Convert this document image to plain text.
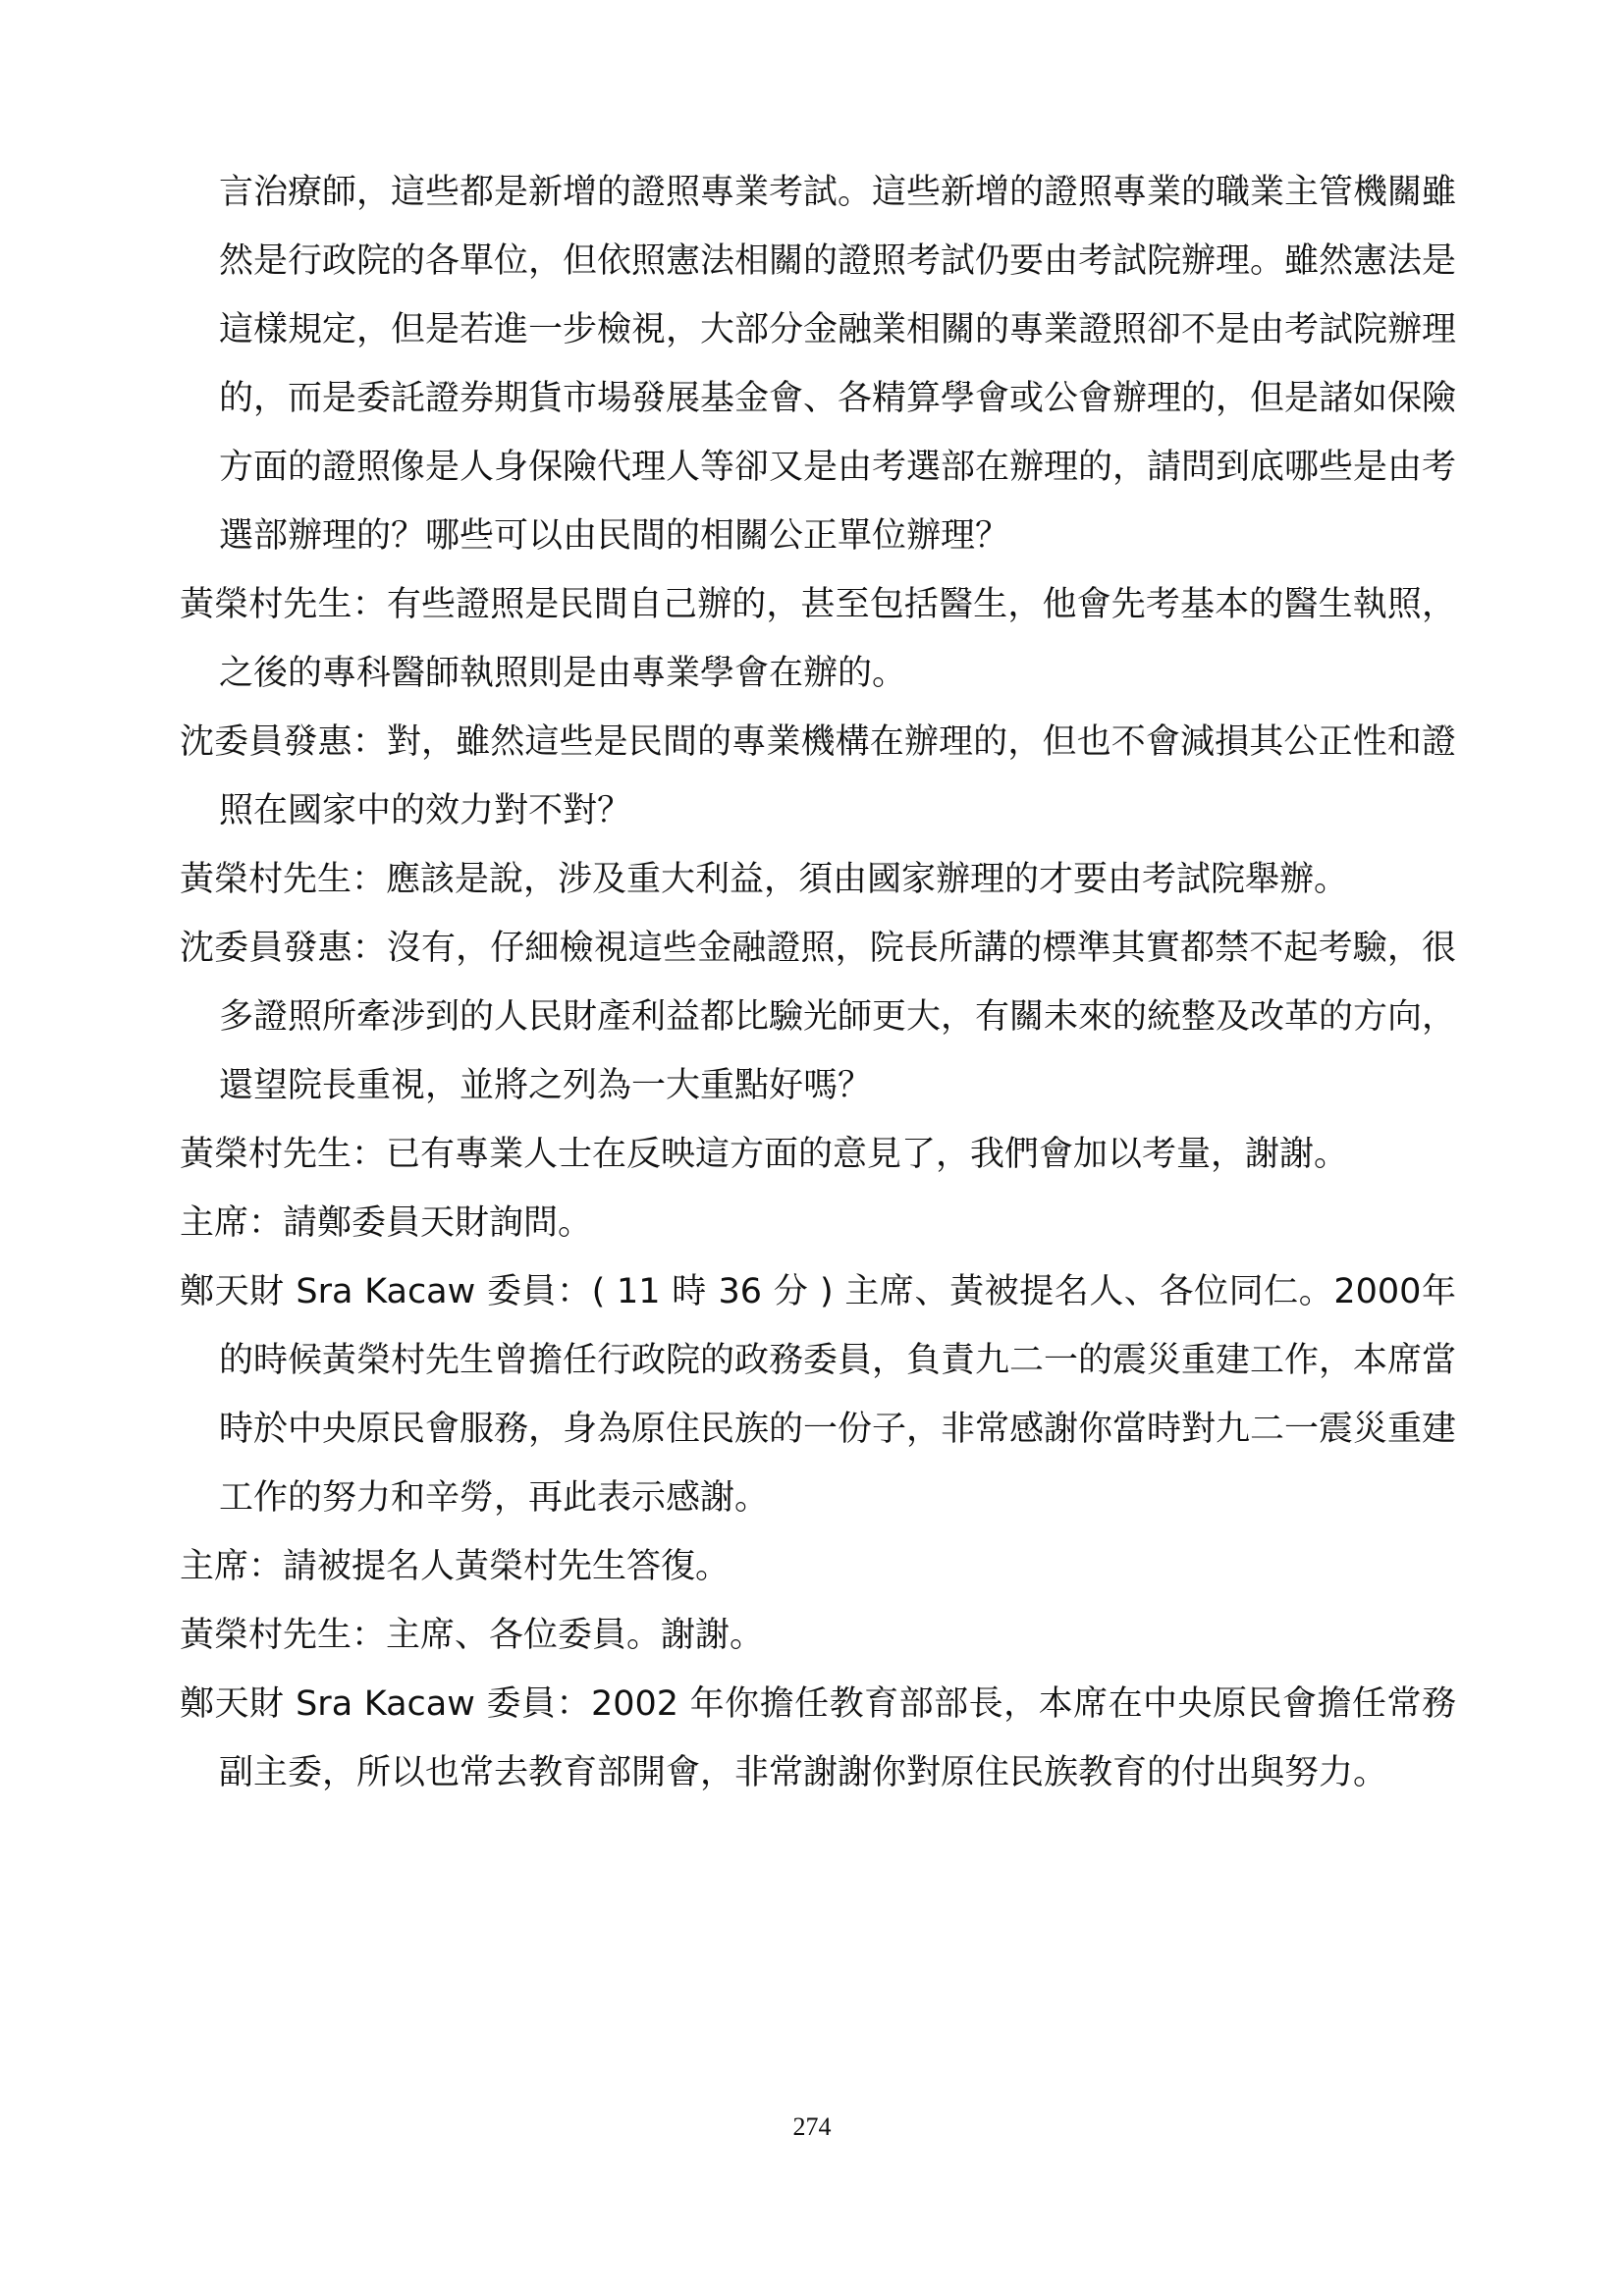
言治療師，這些都是新增的證照專業考試。這些新增的證照專業的職業主管機關雖然是行政院的各單位，但依照憲法相關的證照考試仍要由考試院辦理。雖然憲法是這樣規定，但是若進一步檢視，大部分金融業相關的專業證照卻不是由考試院辦理的，而是委託證券期貨市場發展基金會、各精算學會或公會辦理的，但是諸如保險方面的證照像是人身保險代理人等卻又是由考選部在辦理的，請問到底哪些是由考選部辦理的？哪些可以由民間的相關公正單位辦理？

黃榮村先生：有些證照是民間自己辦的，甚至包括醫生，他會先考基本的醫生執照，之後的專科醫師執照則是由專業學會在辦的。

沈委員發惠：對，雖然這些是民間的專業機構在辦理的，但也不會減損其公正性和證照在國家中的效力對不對？

黃榮村先生：應該是說，涉及重大利益，須由國家辦理的才要由考試院舉辦。

沈委員發惠：沒有，仔細檢視這些金融證照，院長所講的標準其實都禁不起考驗，很多證照所牽涉到的人民財產利益都比驗光師更大，有關未來的統整及改革的方向，還望院長重視，並將之列為一大重點好嗎？

黃榮村先生：已有專業人士在反映這方面的意見了，我們會加以考量，謝謝。

主席：請鄭委員天財詢問。

鄭天財 Sra Kacaw 委員：( 11 時 36 分 ) 主席、黃被提名人、各位同仁。2000年的時候黃榮村先生曾擔任行政院的政務委員，負責九二一的震災重建工作，本席當時於中央原民會服務，身為原住民族的一份子，非常感謝你當時對九二一震災重建工作的努力和辛勞，再此表示感謝。

主席：請被提名人黃榮村先生答復。

黃榮村先生：主席、各位委員。謝謝。

鄭天財 Sra Kacaw 委員：2002 年你擔任教育部部長，本席在中央原民會擔任常務副主委，所以也常去教育部開會，非常謝謝你對原住民族教育的付出與努力。

274
